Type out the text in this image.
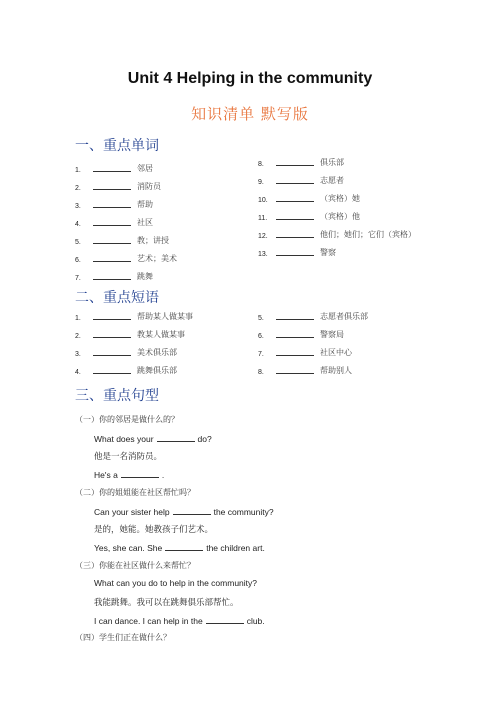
Unit 4 Helping in the community
知识清单 默写版
一、重点单词
1.	邻居
2.	消防员
3.	帮助
4.	社区
5.	教；讲授
6.	艺术；美术
7.	跳舞
8.	俱乐部
9.	志愿者
10.	（宾格）她
11.	（宾格）他
12.	他们；她们；它们（宾格）
13.	警察
二、重点短语
1.	帮助某人做某事
2.	教某人做某事
3.	美术俱乐部
4.	跳舞俱乐部
5.	志愿者俱乐部
6.	警察局
7.	社区中心
8.	帮助别人
三、重点句型
（一）你的邻居是做什么的？
What does your	do?
他是一名消防员。
He's a	.
（二）你的姐姐能在社区帮忙吗？
Can your sister help	the community?
是的，她能。她教孩子们艺术。
Yes, she can. She	the children art.
（三）你能在社区做什么来帮忙？
What can you do to help in the community?
我能跳舞。我可以在跳舞俱乐部帮忙。
I can dance. I can help in the	club.
（四）学生们正在做什么？
